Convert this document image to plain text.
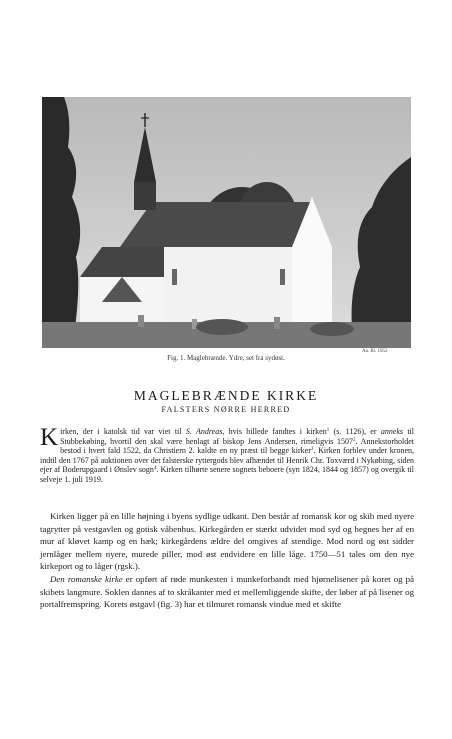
Aa. Rl. 1952
Fig. 1. Maglebrænde. Ydre, set fra sydøst.
MAGLEBRÆNDE KIRKE
FALSTERS NØRRE HERRED
Kirken, der i katolsk tid var viet til S. Andreas, hvis billede fandtes i kirken$^1$ (s. 1126), er anneks til Stubbekøbing, hvortil den skal være henlagt af biskop Jens Andersen, rimeligvis 1507$^2$. Annekstorholdet bestod i hvert fald 1522, da Christiern 2. kaldte en ny præst til begge kirker$^3$. Kirken forblev under kronen, indtil den 1767 på auktionen over det falsterske ryttergods blev afhændet til Henrik Chr. Toxværd i Nykøbing, siden ejer af Boderupgaard i Ønslev sogn$^4$. Kirken tilhørte senere sognets beboere (syn 1824, 1844 og 1857) og overgik til selveje 1. juli 1919.

Kirken ligger på en lille højning i byens sydlige udkant. Den består af romansk kor og skib med nyere tagrytter på vestgavlen og gotisk våbenhus. Kirkegården er stærkt udvidet mod syd og hegnes her af en mur af kløvet kamp og en hæk; kirkegårdens ældre del omgives af stendige. Mod nord og øst sidder jernlåger mellem nyere, murede piller, mod øst endvidere en lille låge. 1750—51 tales om den nye kirkeport og to låger (rgsk.).

Den romanske kirke er opført af røde munkesten i munkeforbandt med hjørnelisener på koret og på skibets langmure. Soklen dannes af to skråkanter med et mellemliggende skifte, der løber af på lisener og portalfremspring. Korets østgavl (fig. 3) har et tilmuret romansk vindue med et skifte
